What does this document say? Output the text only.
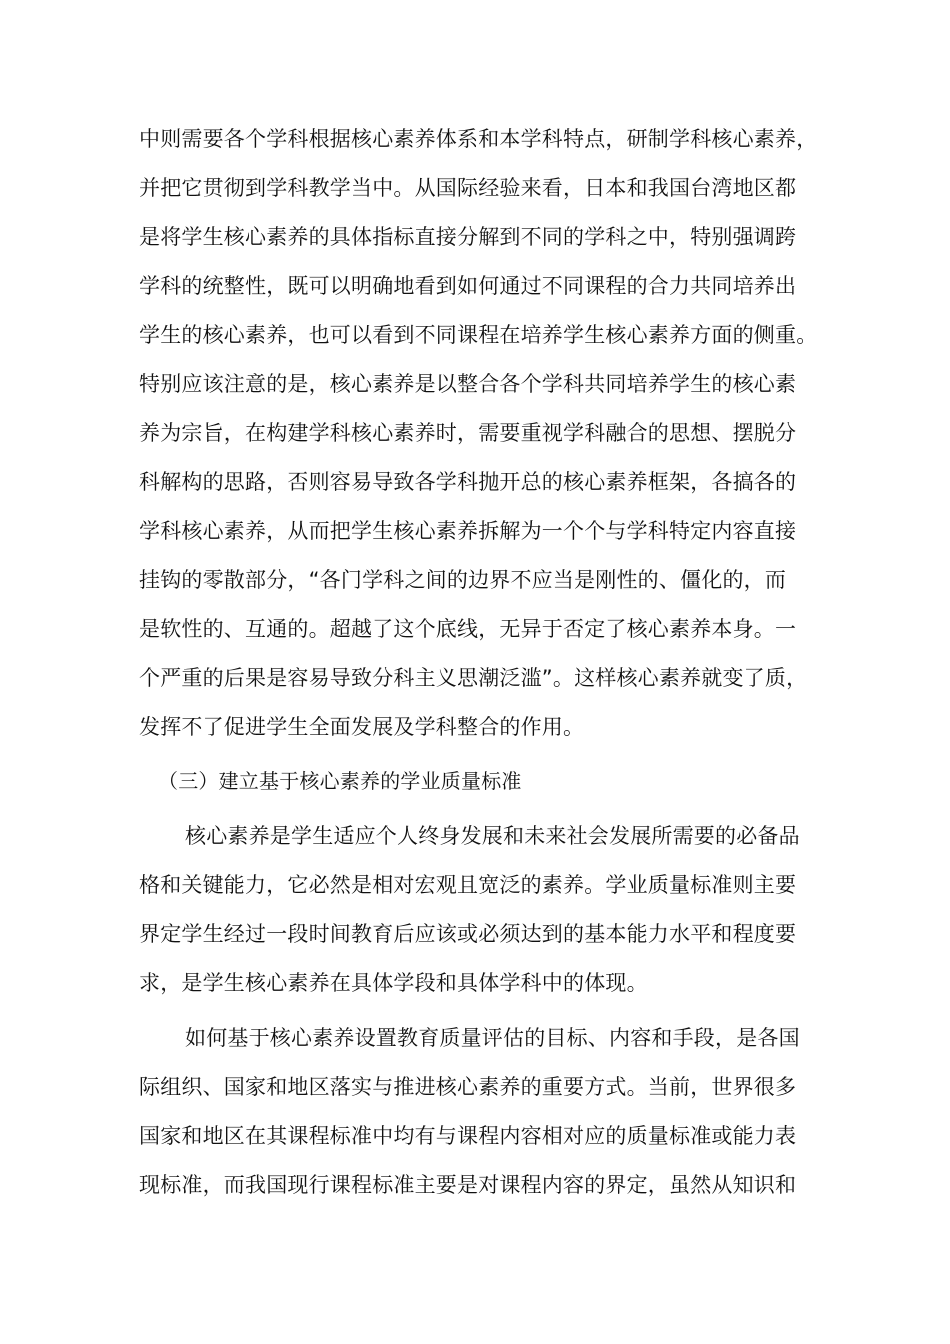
中则需要各个学科根据核心素养体系和本学科特点，研制学科核心素养，
并把它贯彻到学科教学当中。从国际经验来看，日本和我国台湾地区都
是将学生核心素养的具体指标直接分解到不同的学科之中，特别强调跨
学科的统整性，既可以明确地看到如何通过不同课程的合力共同培养出
学生的核心素养，也可以看到不同课程在培养学生核心素养方面的侧重。
特别应该注意的是，核心素养是以整合各个学科共同培养学生的核心素
养为宗旨，在构建学科核心素养时，需要重视学科融合的思想、摆脱分
科解构的思路，否则容易导致各学科抛开总的核心素养框架，各搞各的
学科核心素养，从而把学生核心素养拆解为一个个与学科特定内容直接
挂钩的零散部分，“各门学科之间的边界不应当是刚性的、僵化的，而
是软性的、互通的。超越了这个底线，无异于否定了核心素养本身。一
个严重的后果是容易导致分科主义思潮泛滥”。这样核心素养就变了质，
发挥不了促进学生全面发展及学科整合的作用。
（三）建立基于核心素养的学业质量标准
核心素养是学生适应个人终身发展和未来社会发展所需要的必备品
格和关键能力，它必然是相对宏观且宽泛的素养。学业质量标准则主要
界定学生经过一段时间教育后应该或必须达到的基本能力水平和程度要
求，是学生核心素养在具体学段和具体学科中的体现。
如何基于核心素养设置教育质量评估的目标、内容和手段，是各国
际组织、国家和地区落实与推进核心素养的重要方式。当前，世界很多
国家和地区在其课程标准中均有与课程内容相对应的质量标准或能力表
现标准，而我国现行课程标准主要是对课程内容的界定，虽然从知识和
